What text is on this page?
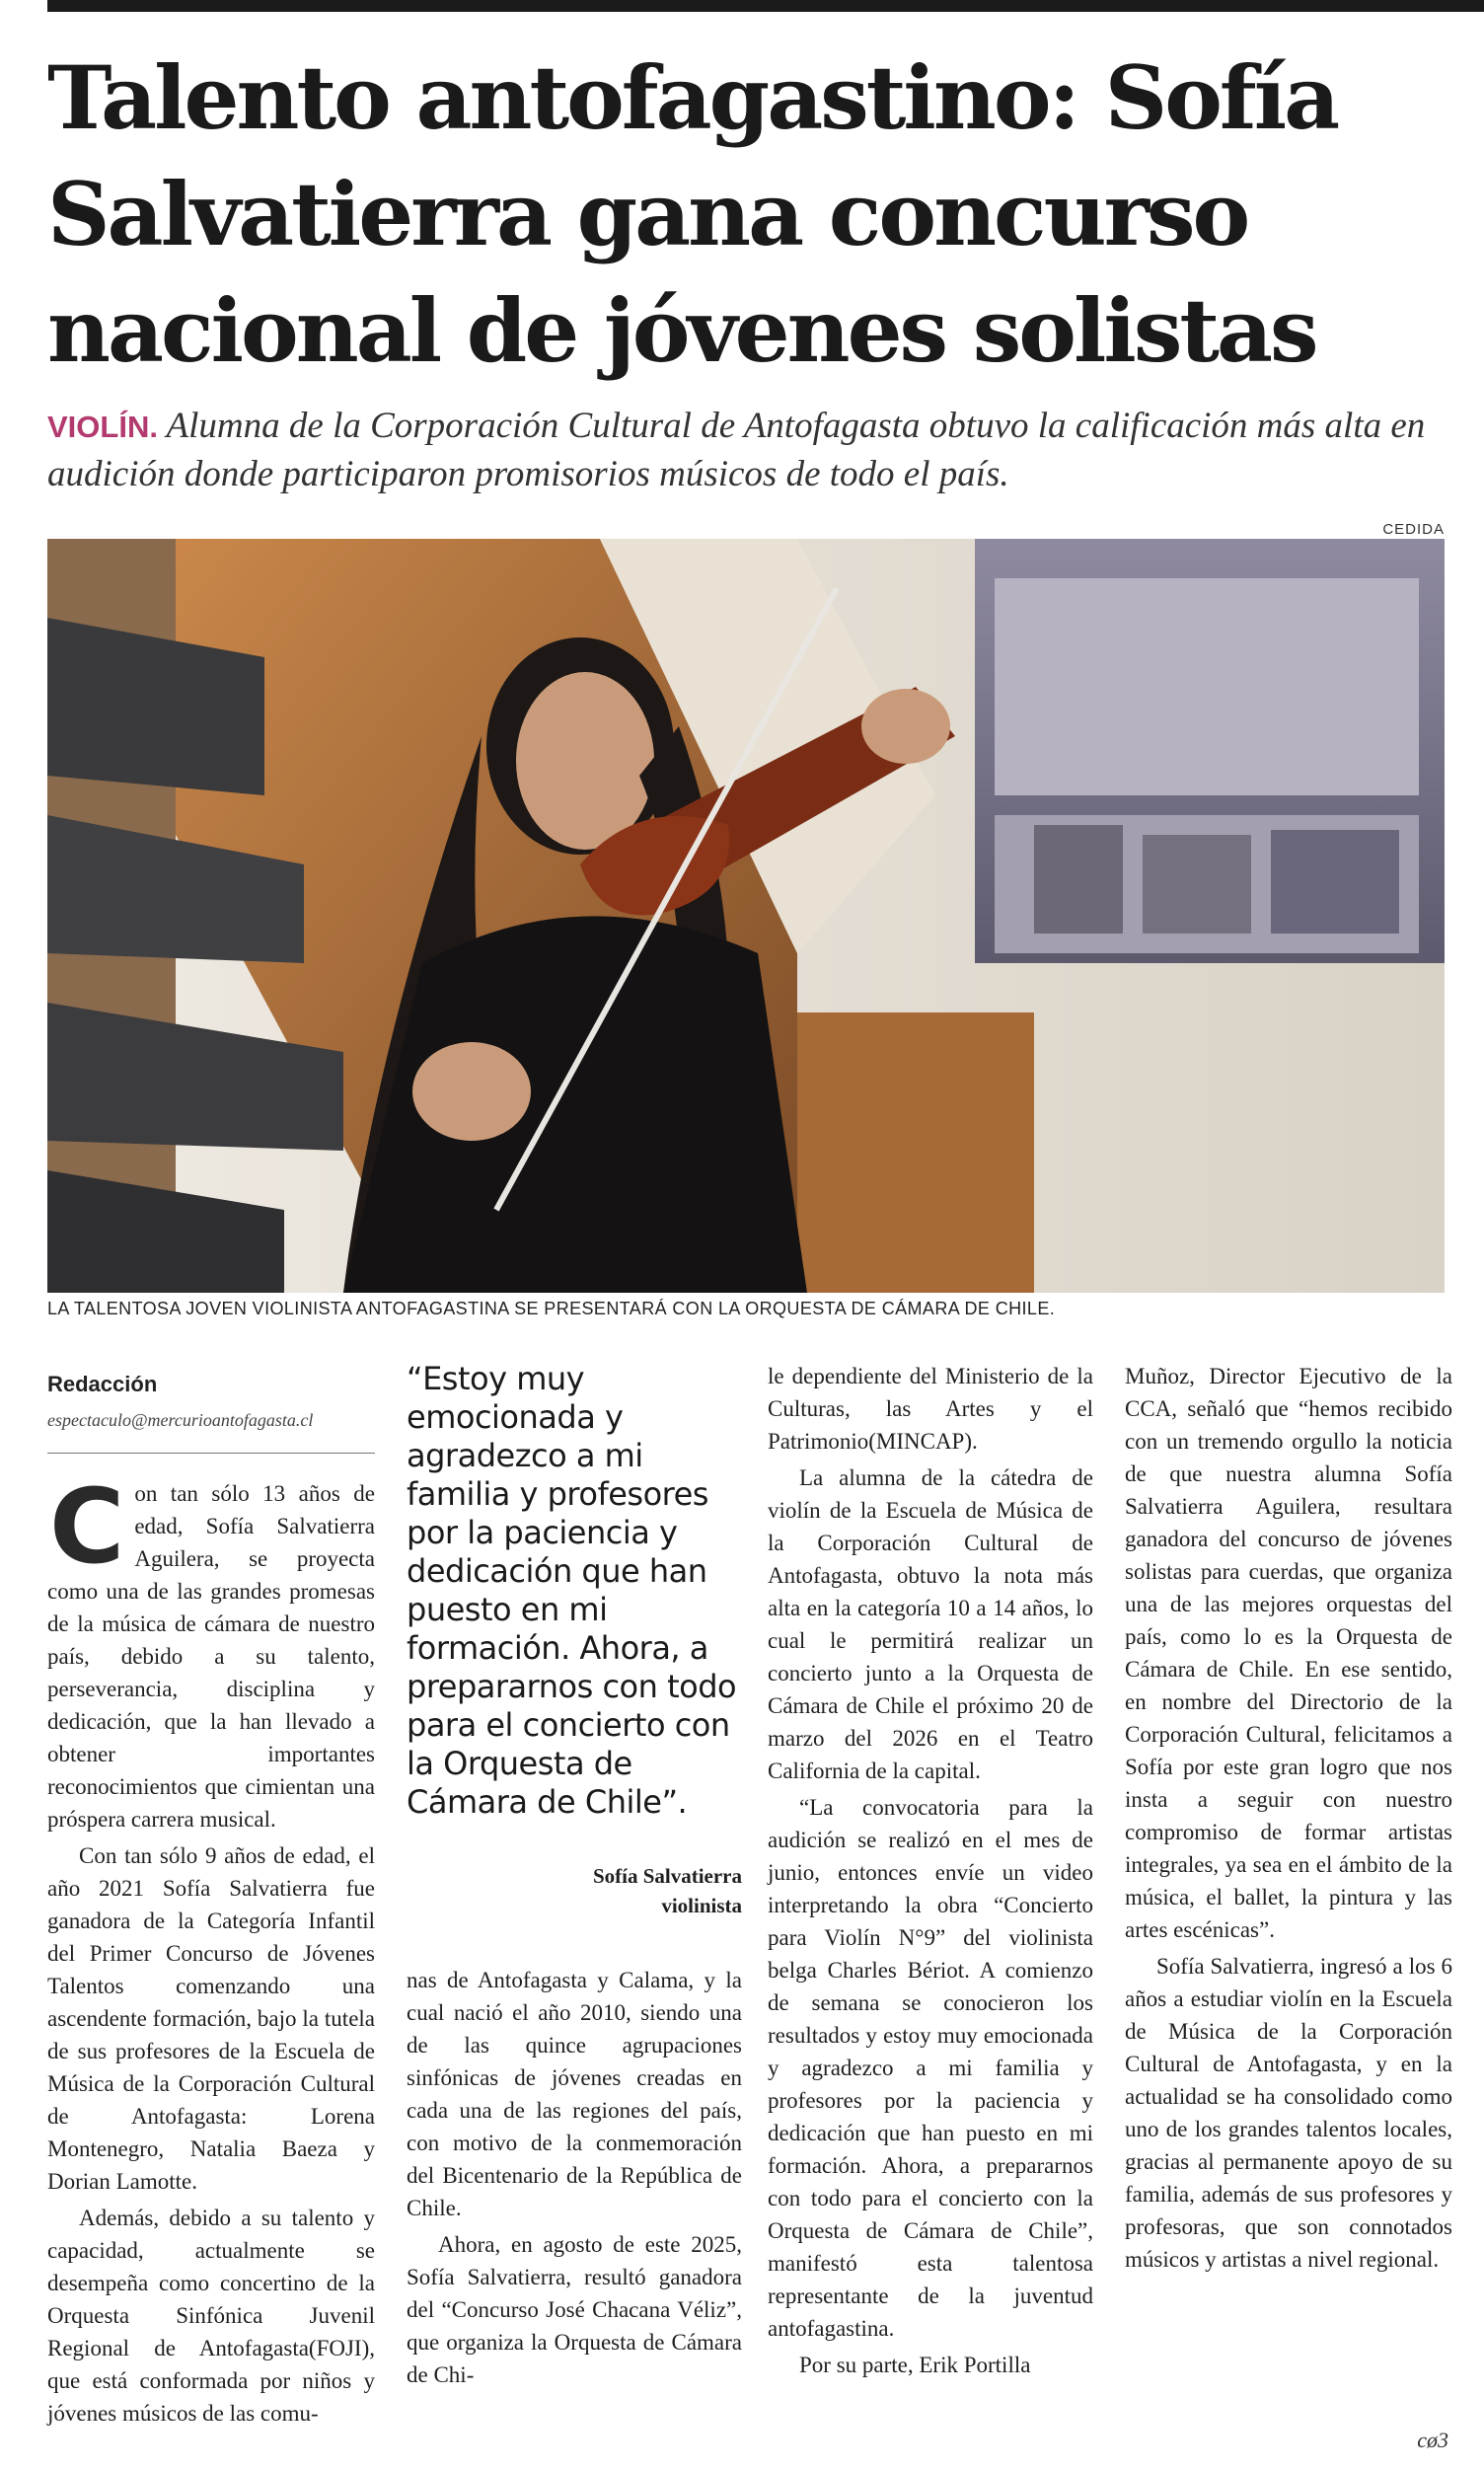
Talento antofagastino: Sofía Salvatierra gana concurso nacional de jóvenes solistas

VIOLÍN. Alumna de la Corporación Cultural de Antofagasta obtuvo la calificación más alta en audición donde participaron promisorios músicos de todo el país.

CEDIDA
LA TALENTOSA JOVEN VIOLINISTA ANTOFAGASTINA SE PRESENTARÁ CON LA ORQUESTA DE CÁMARA DE CHILE.
Redacción
espectaculo@mercurioantofagasta.cl
C on tan sólo 13 años de edad, Sofía Salvatierra Aguilera, se proyecta como una de las grandes promesas de la música de cámara de nuestro país, debido a su talento, perseverancia, disciplina y dedicación, que la han llevado a obtener importantes reconocimientos que cimientan una próspera carrera musical.

Con tan sólo 9 años de edad, el año 2021 Sofía Salvatierra fue ganadora de la Categoría Infantil del Primer Concurso de Jóvenes Talentos comenzando una ascendente formación, bajo la tutela de sus profesores de la Escuela de Música de la Corporación Cultural de Antofagasta: Lorena Montenegro, Natalia Baeza y Dorian Lamotte.

Además, debido a su talento y capacidad, actualmente se desempeña como concertino de la Orquesta Sinfónica Juvenil Regional de Antofagasta(FOJI), que está conformada por niños y jóvenes músicos de las comu-

“Estoy muy emocionada y agradezco a mi familia y profesores por la paciencia y dedicación que han puesto en mi formación. Ahora, a prepararnos con todo para el concierto con la Orquesta de Cámara de Chile”.

Sofía Salvatierra
violinista

nas de Antofagasta y Calama, y la cual nació el año 2010, siendo una de las quince agrupaciones sinfónicas de jóvenes creadas en cada una de las regiones del país, con motivo de la conmemoración del Bicentenario de la República de Chile.

Ahora, en agosto de este 2025, Sofía Salvatierra, resultó ganadora del “Concurso José Chacana Véliz”, que organiza la Orquesta de Cámara de Chi-

le dependiente del Ministerio de la Culturas, las Artes y el Patrimonio(MINCAP).

La alumna de la cátedra de violín de la Escuela de Música de la Corporación Cultural de Antofagasta, obtuvo la nota más alta en la categoría 10 a 14 años, lo cual le permitirá realizar un concierto junto a la Orquesta de Cámara de Chile el próximo 20 de marzo del 2026 en el Teatro California de la capital.

“La convocatoria para la audición se realizó en el mes de junio, entonces envíe un video interpretando la obra “Concierto para Violín N°9” del violinista belga Charles Bériot. A comienzo de semana se conocieron los resultados y estoy muy emocionada y agradezco a mi familia y profesores por la paciencia y dedicación que han puesto en mi formación. Ahora, a prepararnos con todo para el concierto con la Orquesta de Cámara de Chile”, manifestó esta talentosa representante de la juventud antofagastina.

Por su parte, Erik Portilla

Muñoz, Director Ejecutivo de la CCA, señaló que “hemos recibido con un tremendo orgullo la noticia de que nuestra alumna Sofía Salvatierra Aguilera, resultara ganadora del concurso de jóvenes solistas para cuerdas, que organiza una de las mejores orquestas del país, como lo es la Orquesta de Cámara de Chile. En ese sentido, en nombre del Directorio de la Corporación Cultural, felicitamos a Sofía por este gran logro que nos insta a seguir con nuestro compromiso de formar artistas integrales, ya sea en el ámbito de la música, el ballet, la pintura y las artes escénicas”.

Sofía Salvatierra, ingresó a los 6 años a estudiar violín en la Escuela de Música de la Corporación Cultural de Antofagasta, y en la actualidad se ha consolidado como uno de los grandes talentos locales, gracias al permanente apoyo de su familia, además de sus profesores y profesoras, que son connotados músicos y artistas a nivel regional.

cø3
